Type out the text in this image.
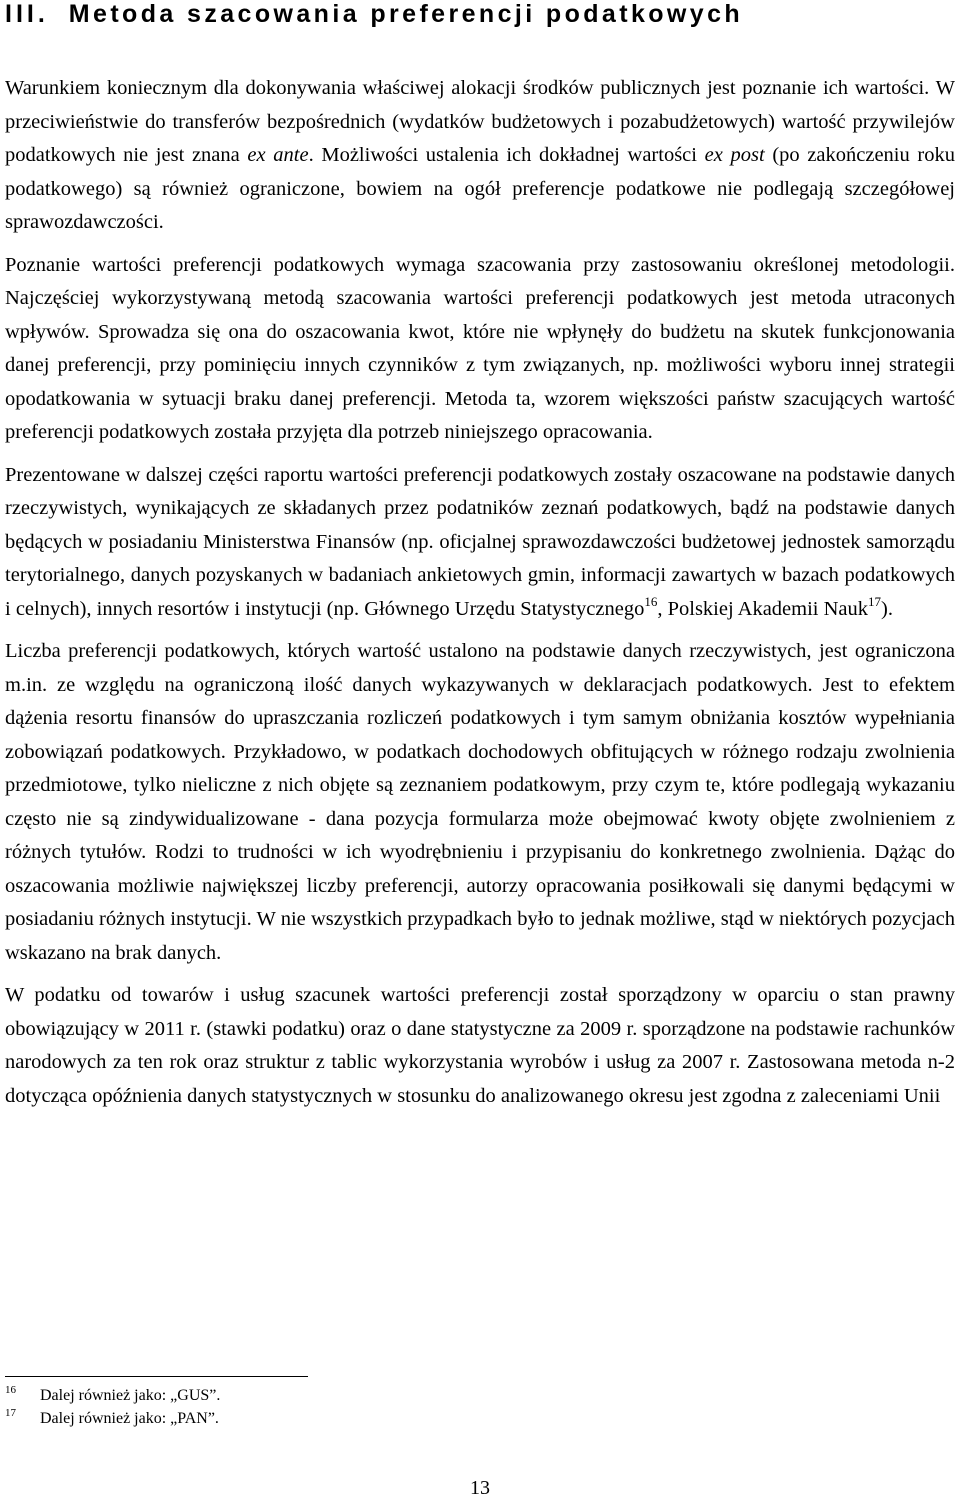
III. Metoda szacowania preferencji podatkowych

Warunkiem koniecznym dla dokonywania właściwej alokacji środków publicznych jest poznanie ich wartości. W przeciwieństwie do transferów bezpośrednich (wydatków budżetowych i pozabudżetowych) wartość przywilejów podatkowych nie jest znana ex ante. Możliwości ustalenia ich dokładnej wartości ex post (po zakończeniu roku podatkowego) są również ograniczone, bowiem na ogół preferencje podatkowe nie podlegają szczegółowej sprawozdawczości.

Poznanie wartości preferencji podatkowych wymaga szacowania przy zastosowaniu określonej metodologii. Najczęściej wykorzystywaną metodą szacowania wartości preferencji podatkowych jest metoda utraconych wpływów. Sprowadza się ona do oszacowania kwot, które nie wpłynęły do budżetu na skutek funkcjonowania danej preferencji, przy pominięciu innych czynników z tym związanych, np. możliwości wyboru innej strategii opodatkowania w sytuacji braku danej preferencji. Metoda ta, wzorem większości państw szacujących wartość preferencji podatkowych została przyjęta dla potrzeb niniejszego opracowania.

Prezentowane w dalszej części raportu wartości preferencji podatkowych zostały oszacowane na podstawie danych rzeczywistych, wynikających ze składanych przez podatników zeznań podatkowych, bądź na podstawie danych będących w posiadaniu Ministerstwa Finansów (np. oficjalnej sprawozdawczości budżetowej jednostek samorządu terytorialnego, danych pozyskanych w badaniach ankietowych gmin, informacji zawartych w bazach podatkowych i celnych), innych resortów i instytucji (np. Głównego Urzędu Statystycznego$^{16}$, Polskiej Akademii Nauk$^{17}$).

Liczba preferencji podatkowych, których wartość ustalono na podstawie danych rzeczywistych, jest ograniczona m.in. ze względu na ograniczoną ilość danych wykazywanych w deklaracjach podatkowych. Jest to efektem dążenia resortu finansów do upraszczania rozliczeń podatkowych i tym samym obniżania kosztów wypełniania zobowiązań podatkowych. Przykładowo, w podatkach dochodowych obfitujących w różnego rodzaju zwolnienia przedmiotowe, tylko nieliczne z nich objęte są zeznaniem podatkowym, przy czym te, które podlegają wykazaniu często nie są zindywidualizowane - dana pozycja formularza może obejmować kwoty objęte zwolnieniem z różnych tytułów. Rodzi to trudności w ich wyodrębnieniu i przypisaniu do konkretnego zwolnienia. Dążąc do oszacowania możliwie największej liczby preferencji, autorzy opracowania posiłkowali się danymi będącymi w posiadaniu różnych instytucji. W nie wszystkich przypadkach było to jednak możliwe, stąd w niektórych pozycjach wskazano na brak danych.

W podatku od towarów i usług szacunek wartości preferencji został sporządzony w oparciu o stan prawny obowiązujący w 2011 r. (stawki podatku) oraz o dane statystyczne za 2009 r. sporządzone na podstawie rachunków narodowych za ten rok oraz struktur z tablic wykorzystania wyrobów i usług za 2007 r. Zastosowana metoda n-2 dotycząca opóźnienia danych statystycznych w stosunku do analizowanego okresu jest zgodna z zaleceniami Unii

16 Dalej również jako: „GUS”.
17 Dalej również jako: „PAN”.
13
